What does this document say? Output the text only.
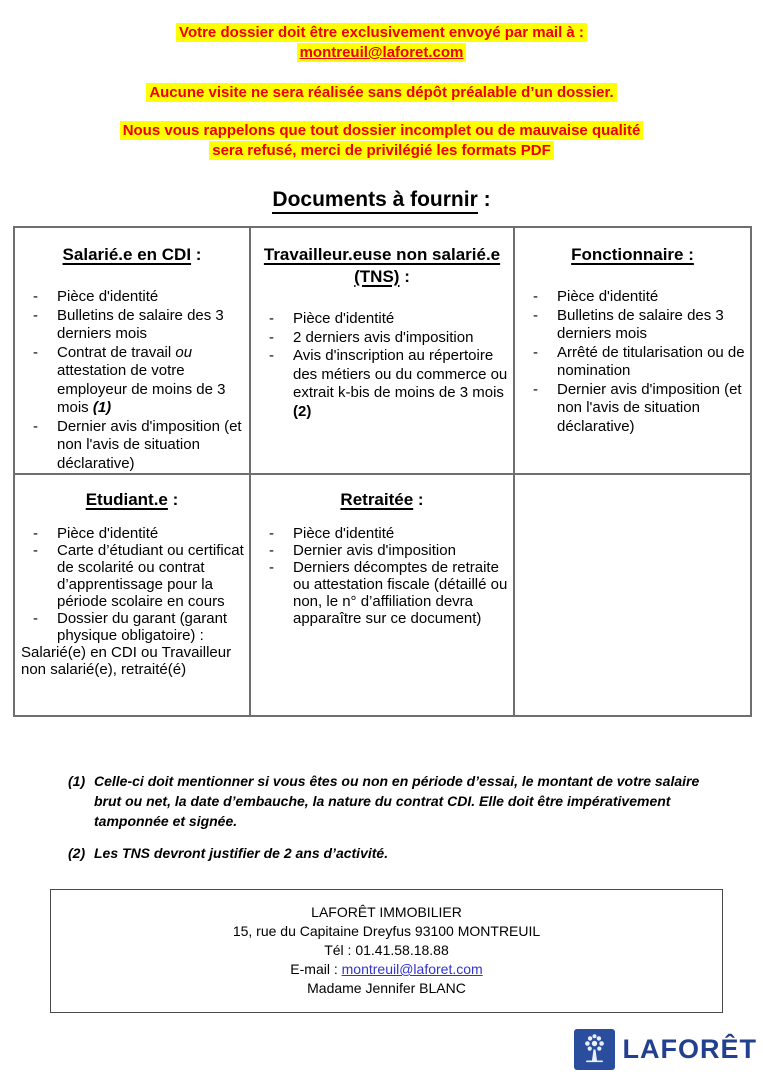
Votre dossier doit être exclusivement envoyé par mail à :
montreuil@laforet.com

Aucune visite ne sera réalisée sans dépôt préalable d’un dossier.

Nous vous rappelons que tout dossier incomplet ou de mauvaise qualité
sera refusé, merci de privilégié les formats PDF

Documents à fournir :
Salarié.e en CDI :
- Pièce d'identité
- Bulletins de salaire des 3 derniers mois
- Contrat de travail ou attestation de votre employeur de moins de 3 mois (1)
- Dernier avis d'imposition (et non l'avis de situation déclarative)

Travailleur.euse non salarié.e (TNS) :
- Pièce d'identité
- 2 derniers avis d'imposition
- Avis d'inscription au répertoire des métiers ou du commerce ou extrait k-bis de moins de 3 mois (2)

Fonctionnaire :
- Pièce d'identité
- Bulletins de salaire des 3 derniers mois
- Arrêté de titularisation ou de nomination
- Dernier avis d'imposition (et non l'avis de situation déclarative)

Etudiant.e :
- Pièce d'identité
- Carte d’étudiant ou certificat de scolarité ou contrat d’apprentissage pour la période scolaire en cours
- Dossier du garant (garant physique obligatoire) :
Salarié(e) en CDI ou Travailleur non salarié(e), retraité(é)

Retraitée :
- Pièce d'identité
- Dernier avis d'imposition
- Derniers décomptes de retraite ou attestation fiscale (détaillé ou non, le n° d’affiliation devra apparaître sur ce document)

(1) Celle-ci doit mentionner si vous êtes ou non en période d’essai, le montant de votre salaire brut ou net, la date d’embauche, la nature du contrat CDI. Elle doit être impérativement tamponnée et signée.
(2) Les TNS devront justifier de 2 ans d’activité.
LAFORÊT IMMOBILIER
15, rue du Capitaine Dreyfus 93100 MONTREUIL
Tél : 01.41.58.18.88
E-mail : montreuil@laforet.com
Madame Jennifer BLANC
LAFORÊT
